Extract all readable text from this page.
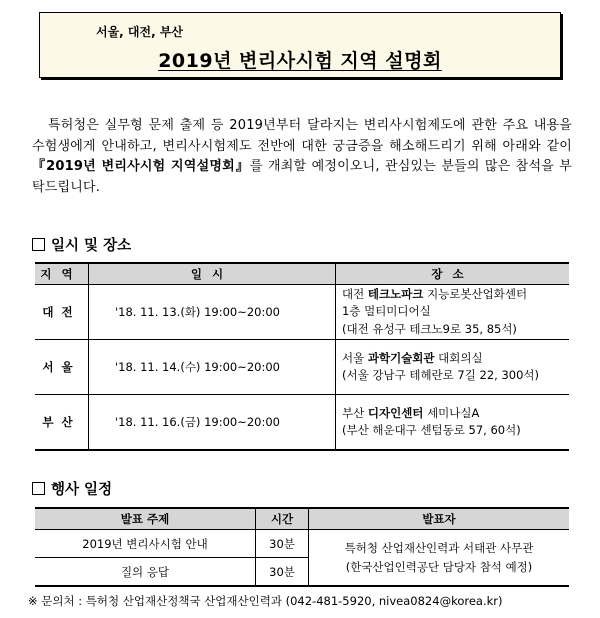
서울, 대전, 부산
2019년 변리사시험 지역 설명회
특허청은 실무형 문제 출제 등 2019년부터 달라지는 변리사시험제도에 관한 주요 내용을 수험생에게 안내하고, 변리사시험제도 전반에 대한 궁금증을 해소해드리기 위해 아래와 같이 『2019년 변리사시험 지역설명회』를 개최할 예정이오니, 관심있는 분들의 많은 참석을 부탁드립니다.
일시 및 장소
지역	일시	장소
대전	'18. 11. 13.(화) 19:00~20:00	대전 테크노파크 지능로봇산업화센터
1층 멀티미디어실
(대전 유성구 테크노9로 35, 85석)

서울	'18. 11. 14.(수) 19:00~20:00	서울 과학기술회관 대회의실
(서울 강남구 테헤란로 7길 22, 300석)

부산	'18. 11. 16.(금) 19:00~20:00	부산 디자인센터 세미나실A
(부산 해운대구 센텀동로 57, 60석)
행사 일정
발표 주제	시간	발표자
2019년 변리사시험 안내	30분	특허청 산업재산인력과 서태관 사무관
(한국산업인력공단 담당자 참석 예정)

질의 응답	30분	
※ 문의처 : 특허청 산업재산정책국 산업재산인력과 (042-481-5920, nivea0824@korea.kr)
